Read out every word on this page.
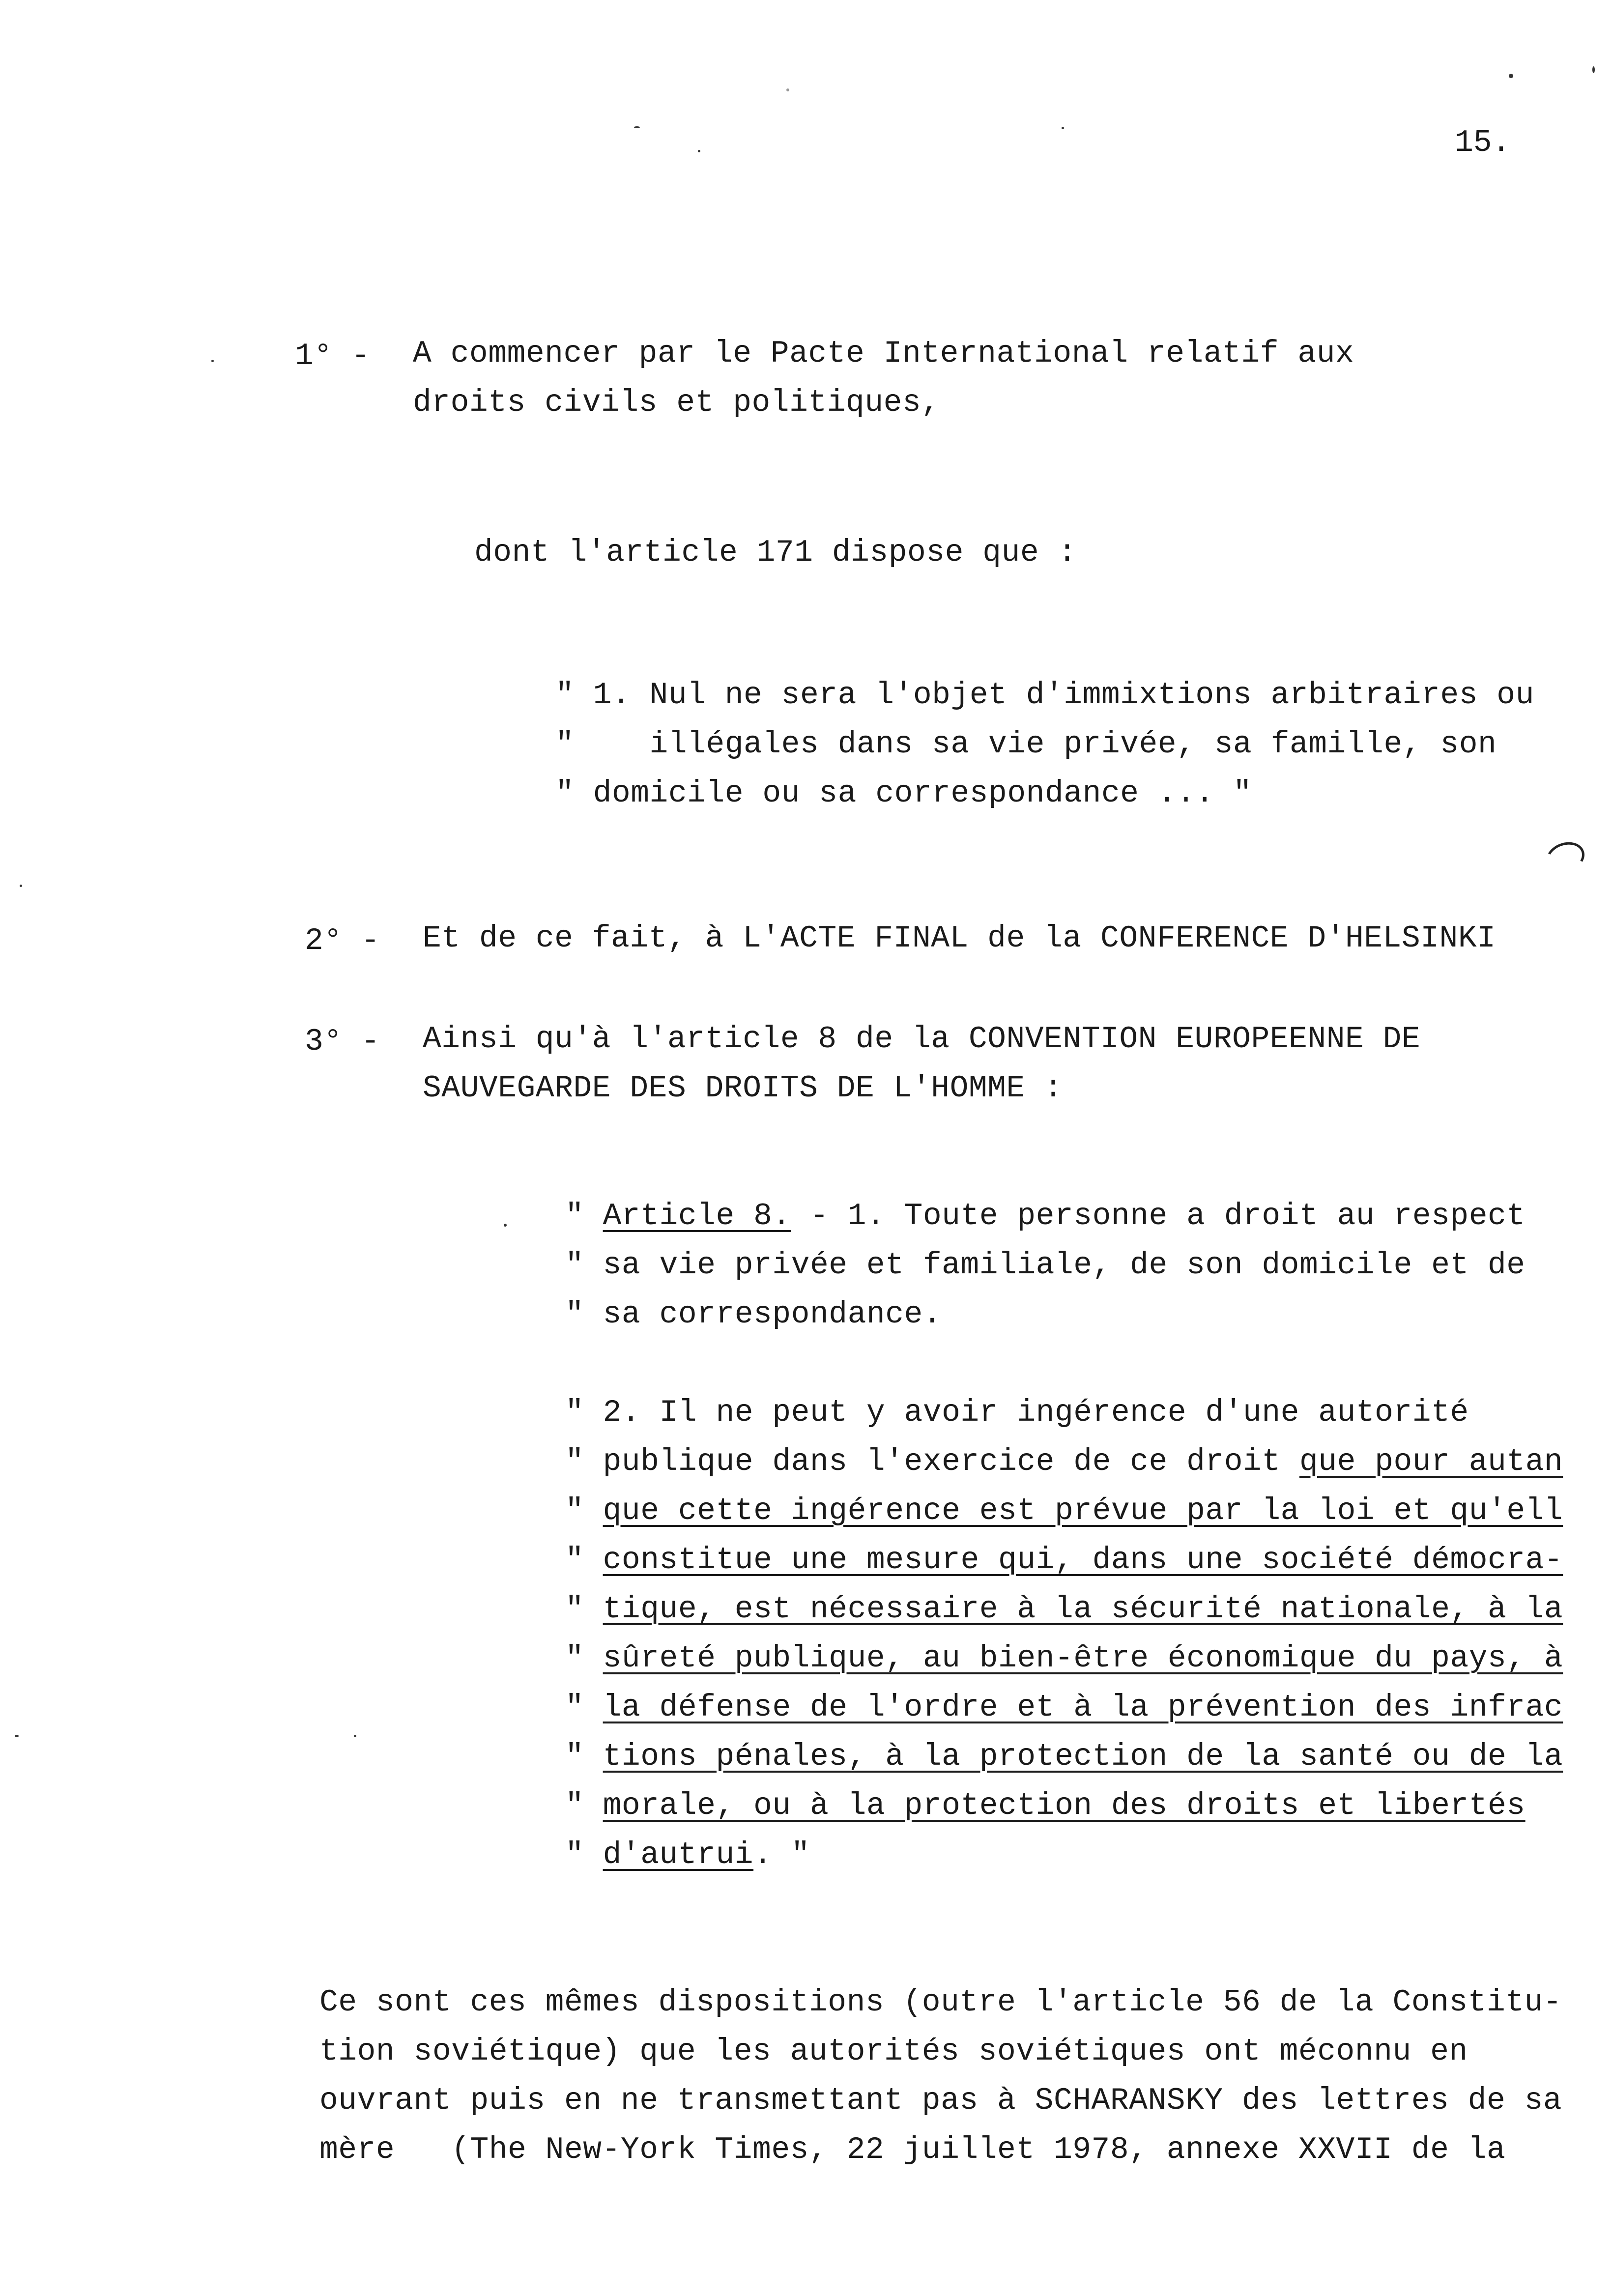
15.
1° - A commencer par le Pacte International relatif aux
droits civils et politiques,
dont l'article 171 dispose que :
" 1. Nul ne sera l'objet d'immixtions arbitraires ou
"    illégales dans sa vie privée, sa famille, son
" domicile ou sa correspondance ... "
2° - Et de ce fait, à L'ACTE FINAL de la CONFERENCE D'HELSINKI
3° - Ainsi qu'à l'article 8 de la CONVENTION EUROPEENNE DE
SAUVEGARDE DES DROITS DE L'HOMME :
" Article 8. - 1. Toute personne a droit au respect
" sa vie privée et familiale, de son domicile et de
" sa correspondance.
" 2. Il ne peut y avoir ingérence d'une autorité
" publique dans l'exercice de ce droit que pour autan
" que cette ingérence est prévue par la loi et qu'ell
" constitue une mesure qui, dans une société démocra-
" tique, est nécessaire à la sécurité nationale, à la
" sûreté publique, au bien-être économique du pays, à
" la défense de l'ordre et à la prévention des infrac
" tions pénales, à la protection de la santé ou de la
" morale, ou à la protection des droits et libertés
" d'autrui. "
Ce sont ces mêmes dispositions (outre l'article 56 de la Constitu-
tion soviétique) que les autorités soviétiques ont méconnu en
ouvrant puis en ne transmettant pas à SCHARANSKY des lettres de sa
mère   (The New-York Times, 22 juillet 1978, annexe XXVII de la
